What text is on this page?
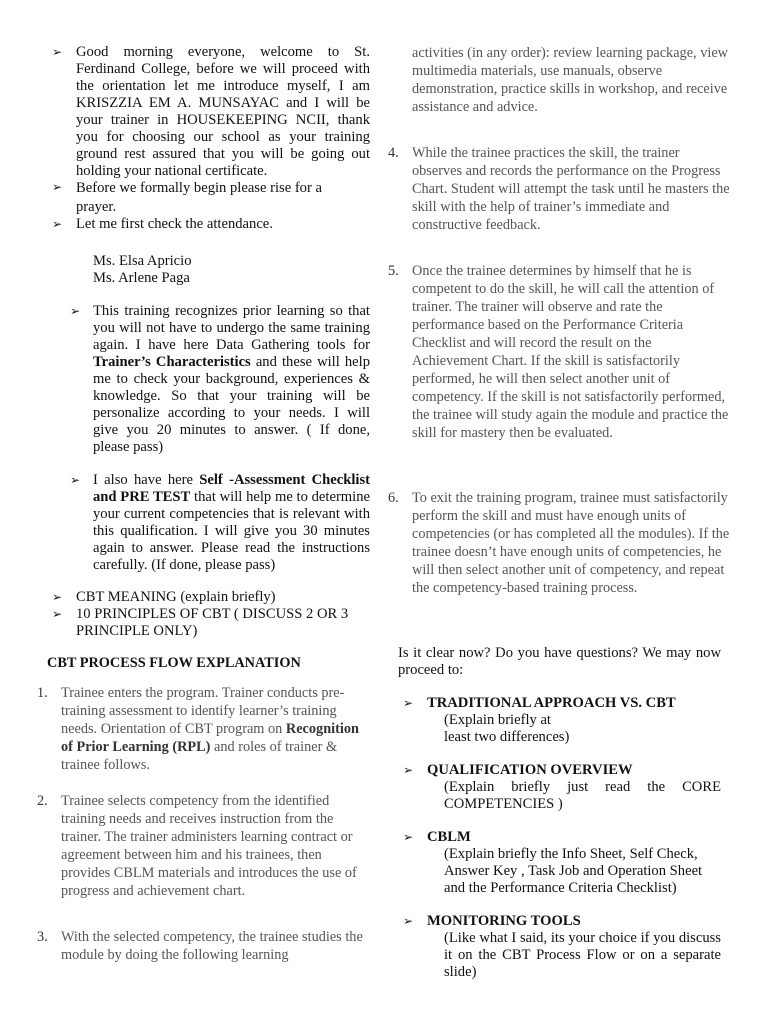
➢ Good morning everyone, welcome to St. Ferdinand College, before we will proceed with the orientation let me introduce myself, I am KRISZZIA EM A. MUNSAYAC and I will be your trainer in HOUSEKEEPING NCII, thank you for choosing our school as your training ground rest assured that you will be going out holding your national certificate.

➢ Before we formally begin please rise for a prayer.

➢ Let me first check the attendance.

Ms. Elsa Apricio

Ms. Arlene Paga

➢ This training recognizes prior learning so that you will not have to undergo the same training again. I have here Data Gathering tools for Trainer’s Characteristics and these will help me to check your background, experiences & knowledge. So that your training will be personalize according to your needs. I will give you 20 minutes to answer. ( If done, please pass)

➢ I also have here Self -Assessment Checklist and PRE TEST that will help me to determine your current competencies that is relevant with this qualification. I will give you 30 minutes again to answer. Please read the instructions carefully. (If done, please pass)

➢ CBT MEANING (explain briefly)

➢ 10 PRINCIPLES OF CBT ( DISCUSS 2 OR 3 PRINCIPLE ONLY)

CBT PROCESS FLOW EXPLANATION

1. Trainee enters the program. Trainer conducts pre-training assessment to identify learner’s training needs. Orientation of CBT program on Recognition of Prior Learning (RPL) and roles of trainer & trainee follows.

2. Trainee selects competency from the identified training needs and receives instruction from the trainer. The trainer administers learning contract or agreement between him and his trainees, then provides CBLM materials and introduces the use of progress and achievement chart.

3. With the selected competency, the trainee studies the module by doing the following learning

activities (in any order): review learning package, view multimedia materials, use manuals, observe demonstration, practice skills in workshop, and receive assistance and advice.

4. While the trainee practices the skill, the trainer observes and records the performance on the Progress Chart. Student will attempt the task until he masters the skill with the help of trainer’s immediate and constructive feedback.

5. Once the trainee determines by himself that he is competent to do the skill, he will call the attention of trainer. The trainer will observe and rate the performance based on the Performance Criteria Checklist and will record the result on the Achievement Chart. If the skill is satisfactorily performed, he will then select another unit of competency. If the skill is not satisfactorily performed, the trainee will study again the module and practice the skill for mastery then be evaluated.

6. To exit the training program, trainee must satisfactorily perform the skill and must have enough units of competencies (or has completed all the modules). If the trainee doesn’t have enough units of competencies, he will then select another unit of competency, and repeat the competency-based training process.

Is it clear now? Do you have questions? We may now proceed to:

➢ TRADITIONAL APPROACH VS. CBT

(Explain briefly at least two differences)

➢ QUALIFICATION OVERVIEW

(Explain briefly just read the CORE COMPETENCIES )

➢ CBLM

(Explain briefly the Info Sheet, Self Check, Answer Key , Task Job and Operation Sheet and the Performance Criteria Checklist)

➢ MONITORING TOOLS

(Like what I said, its your choice if you discuss it on the CBT Process Flow or on a separate slide)
